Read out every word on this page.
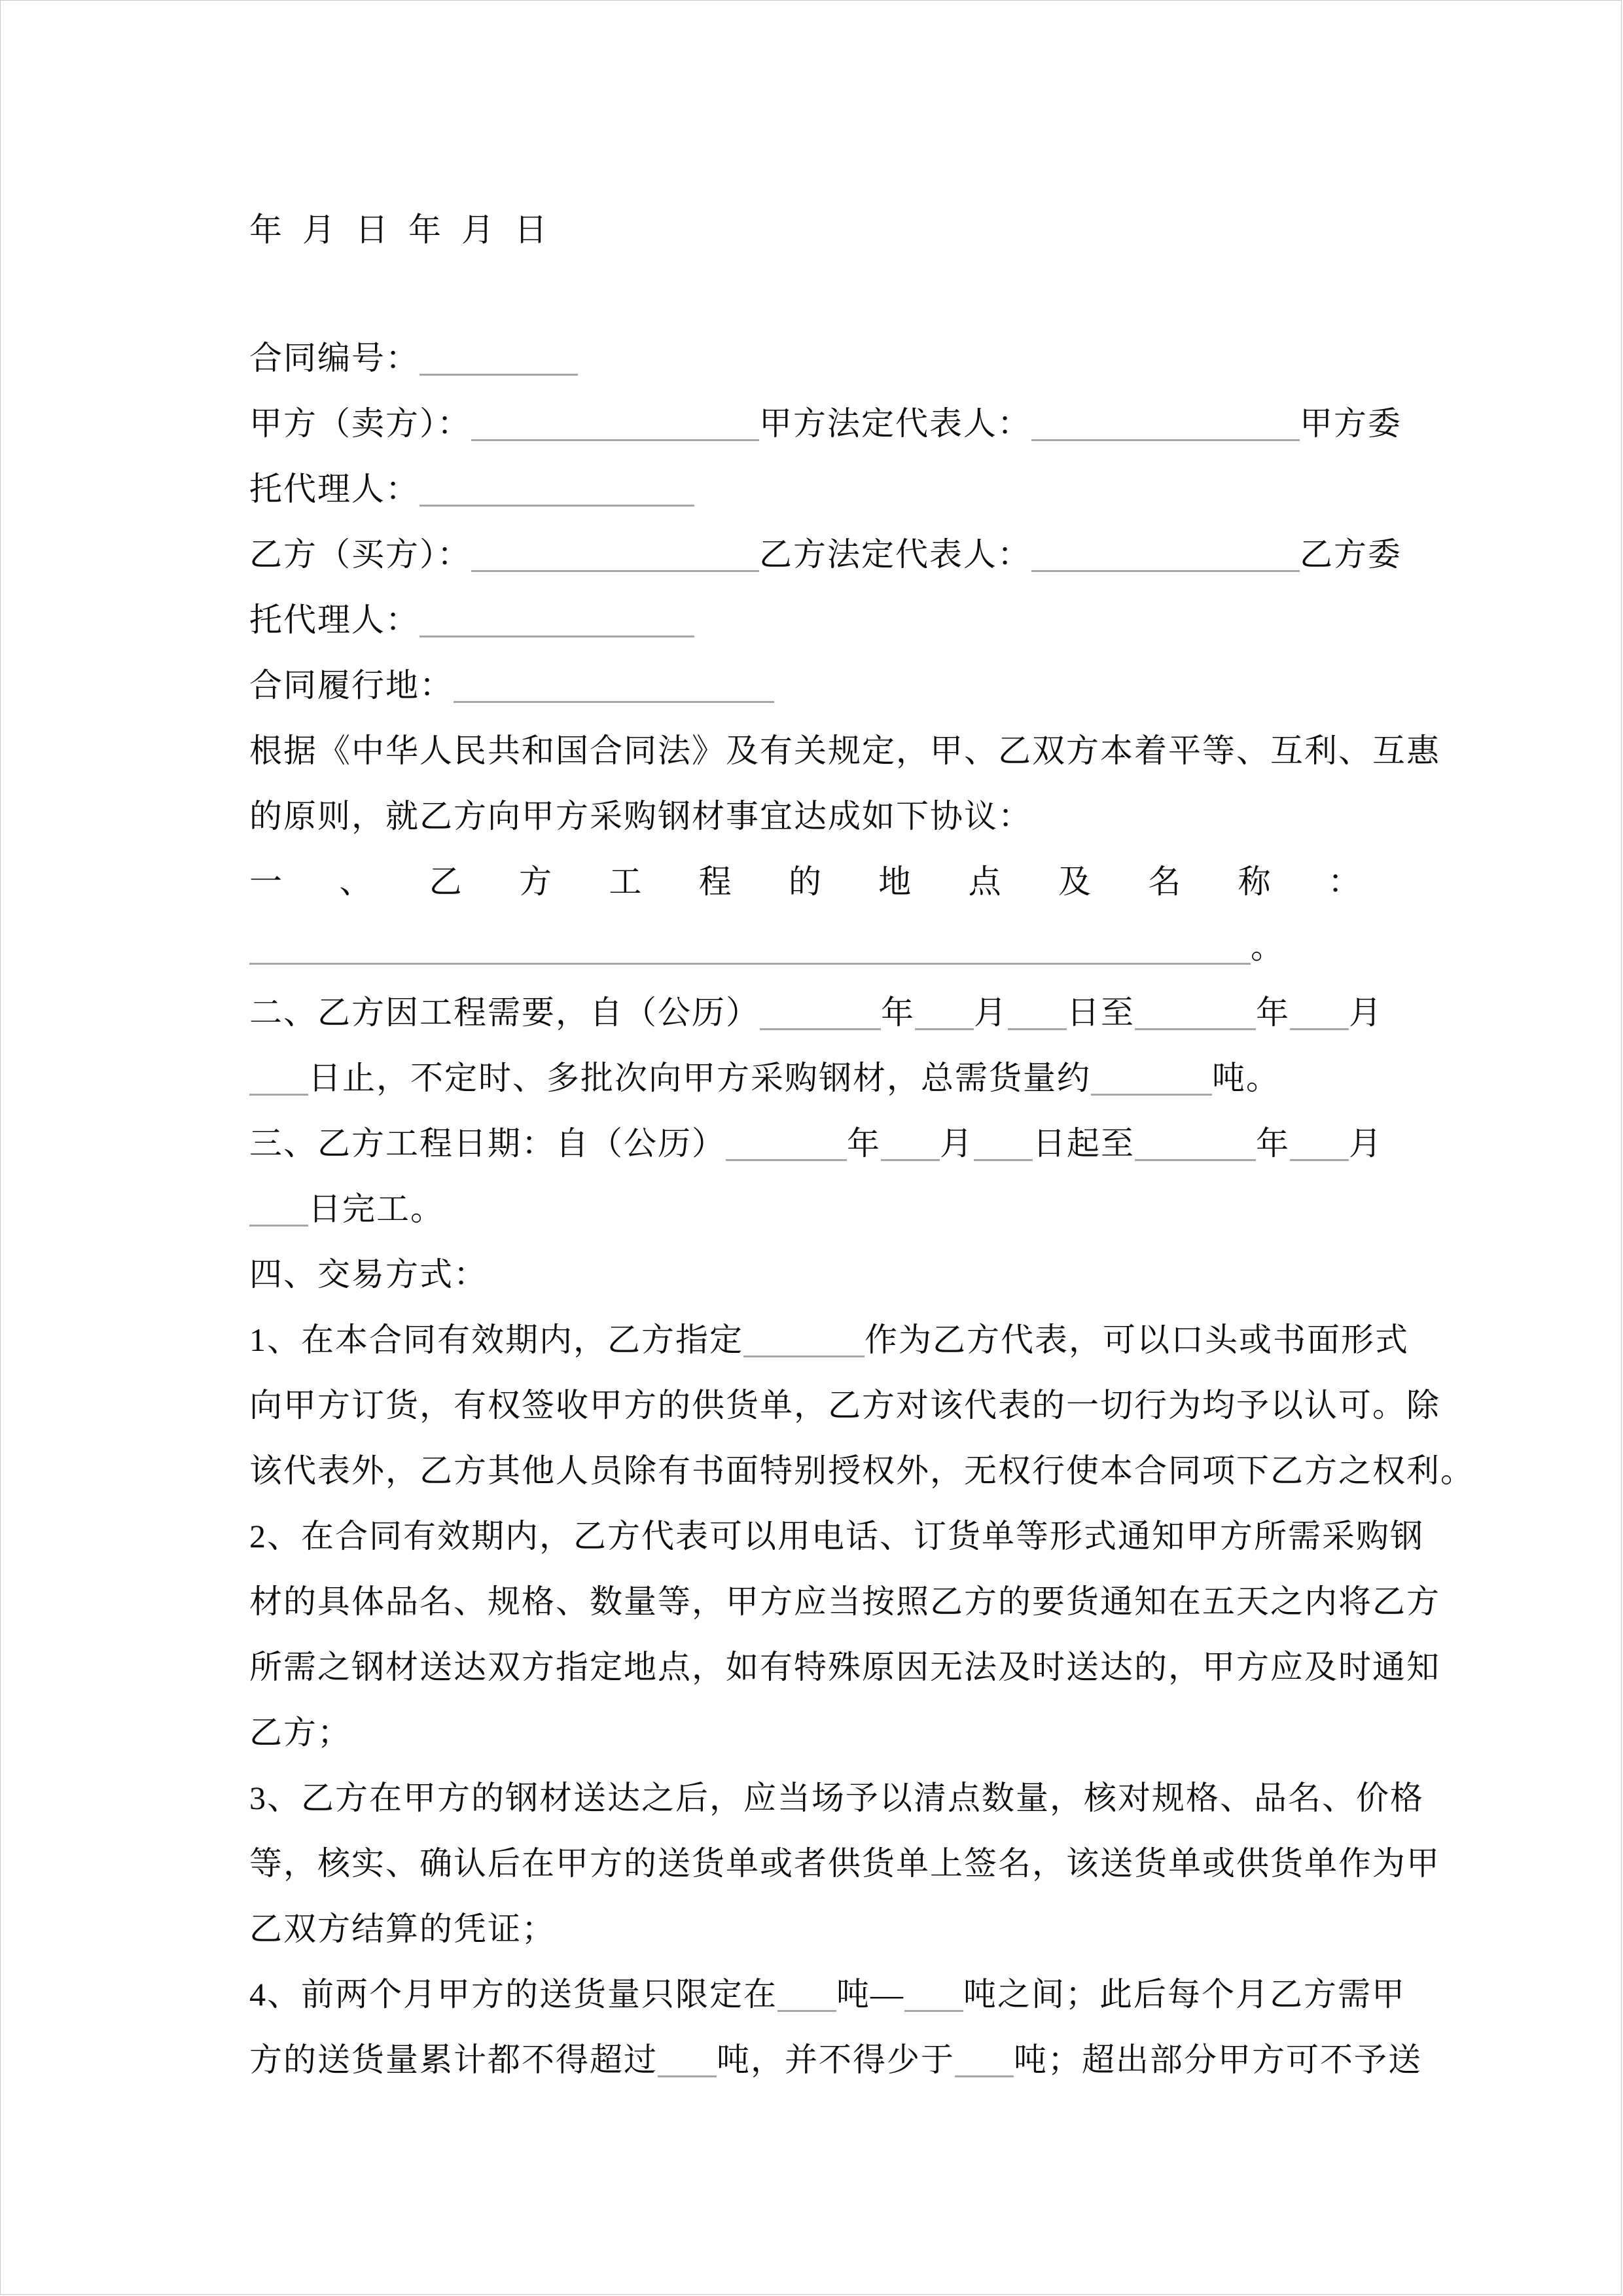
年  月  日  年  月  日
合同编号：
甲方（卖方）：	甲方法定代表人：	甲方委
托代理人：
乙方（买方）：	乙方法定代表人：	乙方委
托代理人：
合同履行地：
根据《中华人民共和国合同法》及有关规定，甲、乙双方本着平等、互利、互惠
的原则，就乙方向甲方采购钢材事宜达成如下协议：
一 、 乙 方 工 程 的 地 点 及 名 称 ：
。
二、乙方因工程需要，自（公历）	年 月 日至	年 月
日止，不定时、多批次向甲方采购钢材，总需货量约	吨。
三、乙方工程日期：自（公历）	年 月 日起至	年 月
日完工。
四、交易方式：
1、在本合同有效期内，乙方指定	作为乙方代表，可以口头或书面形式
向甲方订货，有权签收甲方的供货单，乙方对该代表的一切行为均予以认可。除
该代表外，乙方其他人员除有书面特别授权外，无权行使本合同项下乙方之权利。
2、在合同有效期内，乙方代表可以用电话、订货单等形式通知甲方所需采购钢
材的具体品名、规格、数量等，甲方应当按照乙方的要货通知在五天之内将乙方
所需之钢材送达双方指定地点，如有特殊原因无法及时送达的，甲方应及时通知
乙方；
3、乙方在甲方的钢材送达之后，应当场予以清点数量，核对规格、品名、价格
等，核实、确认后在甲方的送货单或者供货单上签名，该送货单或供货单作为甲
乙双方结算的凭证；
4、前两个月甲方的送货量只限定在 吨— 吨之间；此后每个月乙方需甲
方的送货量累计都不得超过 吨，并不得少于 吨；超出部分甲方可不予送
